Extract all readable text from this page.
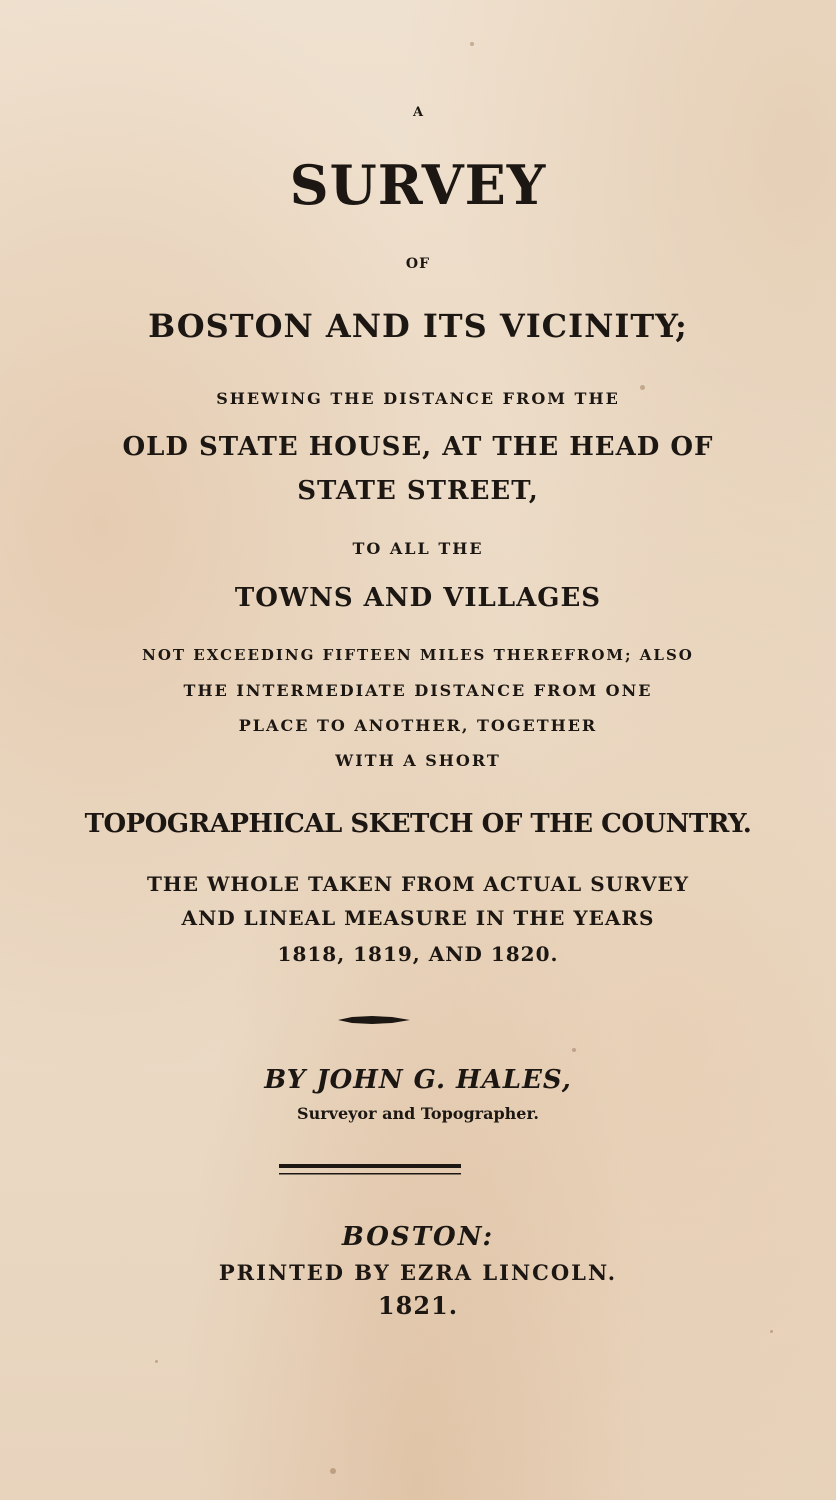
A
SURVEY
OF
BOSTON AND ITS VICINITY;
SHEWING THE DISTANCE FROM THE
OLD STATE HOUSE, AT THE HEAD OF
STATE STREET,
TO ALL THE
TOWNS AND VILLAGES
NOT EXCEEDING FIFTEEN MILES THEREFROM; ALSO
THE INTERMEDIATE DISTANCE FROM ONE
PLACE TO ANOTHER, TOGETHER
WITH A SHORT
TOPOGRAPHICAL SKETCH OF THE COUNTRY.
THE WHOLE TAKEN FROM ACTUAL SURVEY
AND LINEAL MEASURE IN THE YEARS
1818, 1819, AND 1820.
BY JOHN G. HALES,
Surveyor and Topographer.
BOSTON:
PRINTED BY EZRA LINCOLN.
1821.
